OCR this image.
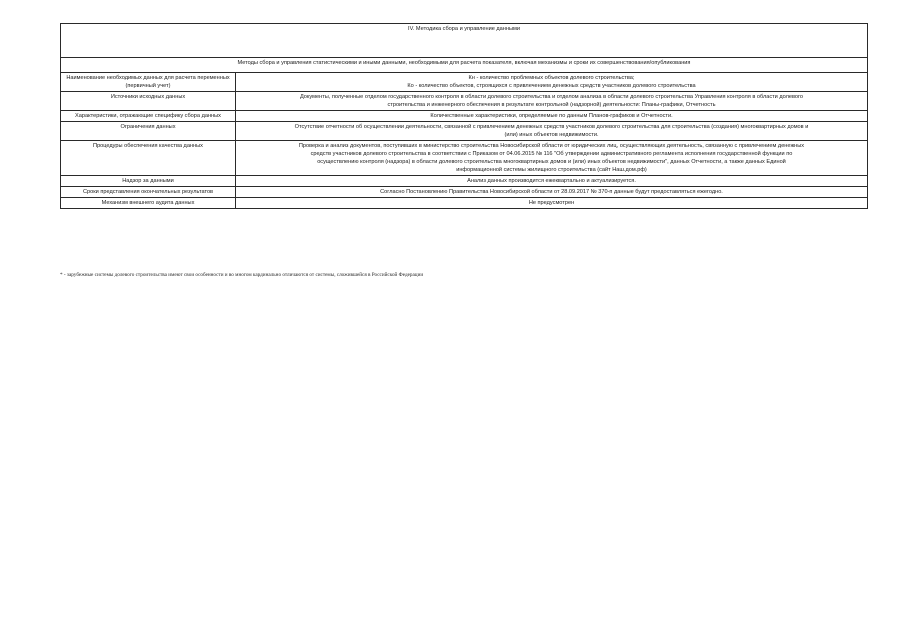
IV. Методика сбора и управление данными	
Методы сбора и управления статистическими и иными данными, необходимыми для расчета показателя, включая механизмы и сроки их совершенствования/опубликования	
Наименование необходимых данных для расчета переменных (первичный учет)	Кн - количество проблемных объектов долевого строительства;
Ко - количество объектов, строящихся с привлечением денежных средств участников долевого строительства

Источники исходных данных	Документы, полученные отделом государственного контроля в области долевого строительства и отделом анализа в области долевого строительства Управления контроля в области долевого
строительства и инженерного обеспечения в результате контрольной (надзорной) деятельности: Планы-графики, Отчетность

Характеристики, отражающие специфику сбора данных	Количественные характеристики, определяемые по данным Планов-графиков и Отчетности.

Ограничения данных	Отсутствие отчетности об осуществлении деятельности, связанной с привлечением денежных средств участников долевого строительства для строительства (создания) многоквартирных домов и
(или) иных объектов недвижимости.

Процедуры обеспечения качества данных	Проверка и анализ документов, поступивших в министерство строительства Новосибирской области от юридических лиц, осуществляющих деятельность, связанную с привлечением денежных
средств участников долевого строительства в соответствии с Приказом от 04.06.2015 № 116 "Об утверждении административного регламента исполнения государственной функции по
осуществлению контроля (надзора) в области долевого строительства многоквартирных домов и (или) иных объектов недвижимости", данных Отчетности, а также данных Единой
информационной системы жилищного строительства (сайт Наш.дом.рф)

Надзор за данными	Анализ данных производится ежеквартально и актуализируется.

Сроки представления окончательных результатов	Согласно Постановлению Правительства Новосибирской области от 28.09.2017 № 370-п данные будут предоставляться ежегодно.

Механизм внешнего аудита данных	Не предусмотрен
* - зарубежные системы долевого строительства имеют свои особенности и во многом кардинально отличаются от системы, сложившейся в Российской Федерации
